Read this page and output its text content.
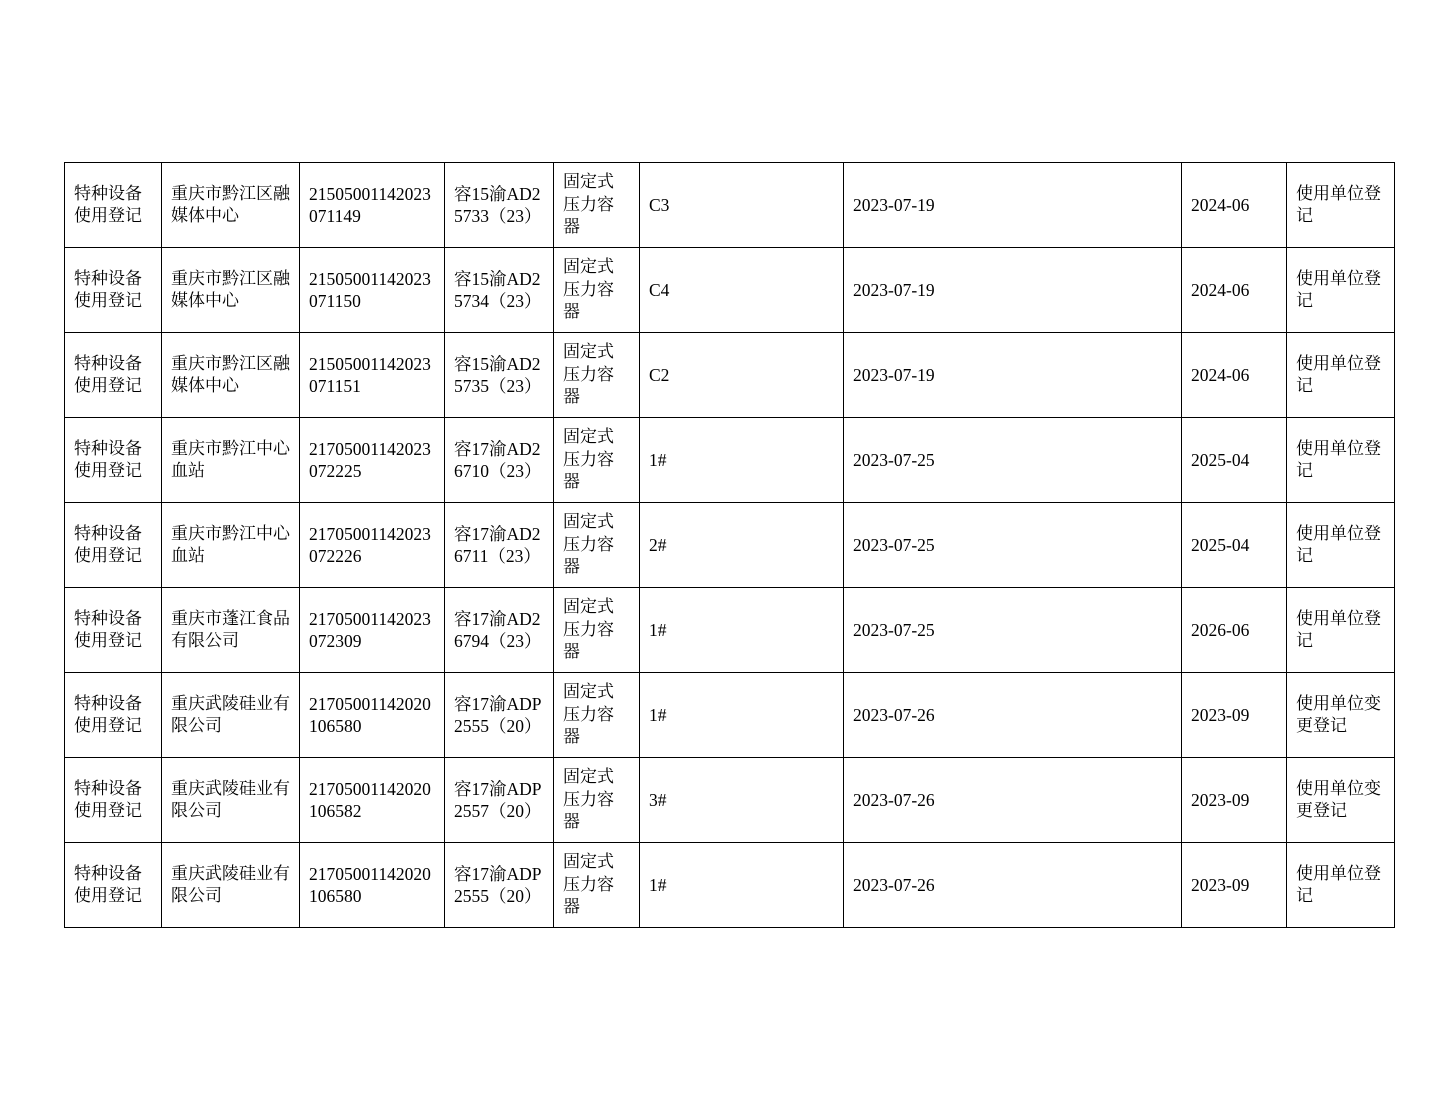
特种设备使用登记	重庆市黔江区融媒体中心	21505001142023071149	容15渝AD25733（23）	固定式压力容器	C3	2023-07-19	2024-06	使用单位登记

特种设备使用登记	重庆市黔江区融媒体中心	21505001142023071150	容15渝AD25734（23）	固定式压力容器	C4	2023-07-19	2024-06	使用单位登记

特种设备使用登记	重庆市黔江区融媒体中心	21505001142023071151	容15渝AD25735（23）	固定式压力容器	C2	2023-07-19	2024-06	使用单位登记

特种设备使用登记	重庆市黔江中心血站	21705001142023072225	容17渝AD26710（23）	固定式压力容器	1#	2023-07-25	2025-04	使用单位登记

特种设备使用登记	重庆市黔江中心血站	21705001142023072226	容17渝AD26711（23）	固定式压力容器	2#	2023-07-25	2025-04	使用单位登记

特种设备使用登记	重庆市蓬江食品有限公司	21705001142023072309	容17渝AD26794（23）	固定式压力容器	1#	2023-07-25	2026-06	使用单位登记

特种设备使用登记	重庆武陵硅业有限公司	21705001142020106580	容17渝ADP2555（20）	固定式压力容器	1#	2023-07-26	2023-09	使用单位变更登记

特种设备使用登记	重庆武陵硅业有限公司	21705001142020106582	容17渝ADP2557（20）	固定式压力容器	3#	2023-07-26	2023-09	使用单位变更登记

特种设备使用登记	重庆武陵硅业有限公司	21705001142020106580	容17渝ADP2555（20）	固定式压力容器	1#	2023-07-26	2023-09	使用单位登记
